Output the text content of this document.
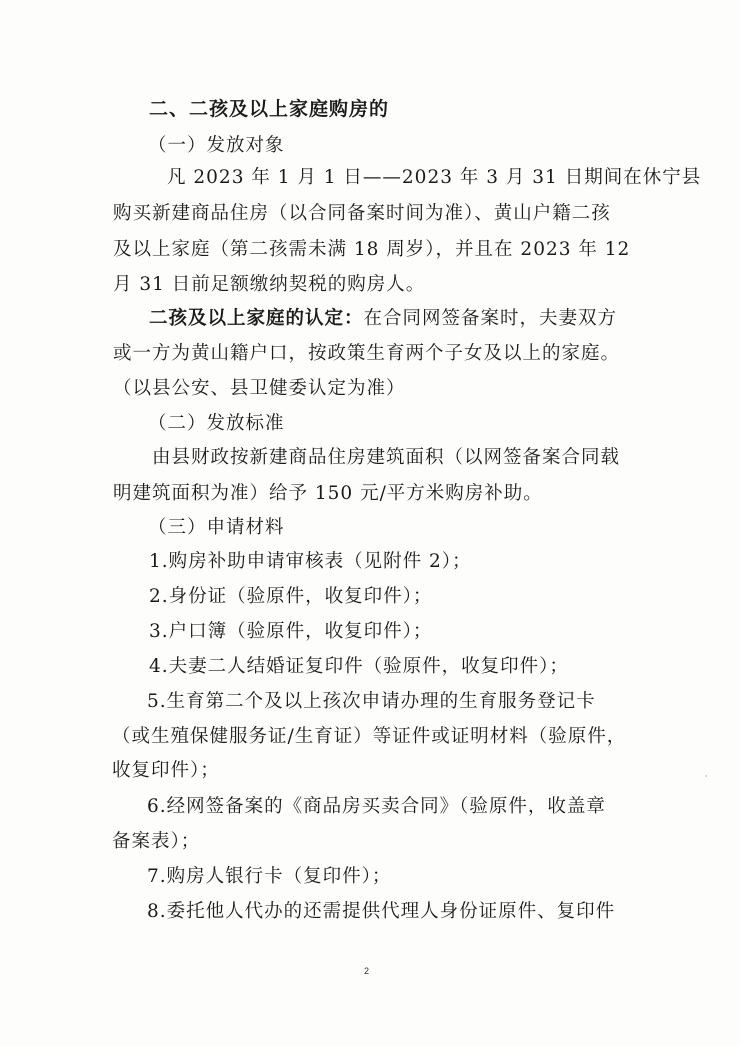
二、二孩及以上家庭购房的
（一）发放对象
凡 2023 年 1 月 1 日——2023 年 3 月 31 日期间在休宁县
购买新建商品住房（以合同备案时间为准）、黄山户籍二孩
及以上家庭（第二孩需未满 18 周岁），并且在 2023 年 12
月 31 日前足额缴纳契税的购房人。
二孩及以上家庭的认定：在合同网签备案时，夫妻双方
或一方为黄山籍户口，按政策生育两个子女及以上的家庭。
（以县公安、县卫健委认定为准）
（二）发放标准
由县财政按新建商品住房建筑面积（以网签备案合同载
明建筑面积为准）给予 150 元/平方米购房补助。
（三）申请材料
1.购房补助申请审核表（见附件 2）；
2.身份证（验原件，收复印件）；
3.户口簿（验原件，收复印件）；
4.夫妻二人结婚证复印件（验原件，收复印件）；
5.生育第二个及以上孩次申请办理的生育服务登记卡
（或生殖保健服务证/生育证）等证件或证明材料（验原件，
收复印件）；
6.经网签备案的《商品房买卖合同》（验原件，收盖章
备案表）；
7.购房人银行卡（复印件）；
8.委托他人代办的还需提供代理人身份证原件、复印件
2
